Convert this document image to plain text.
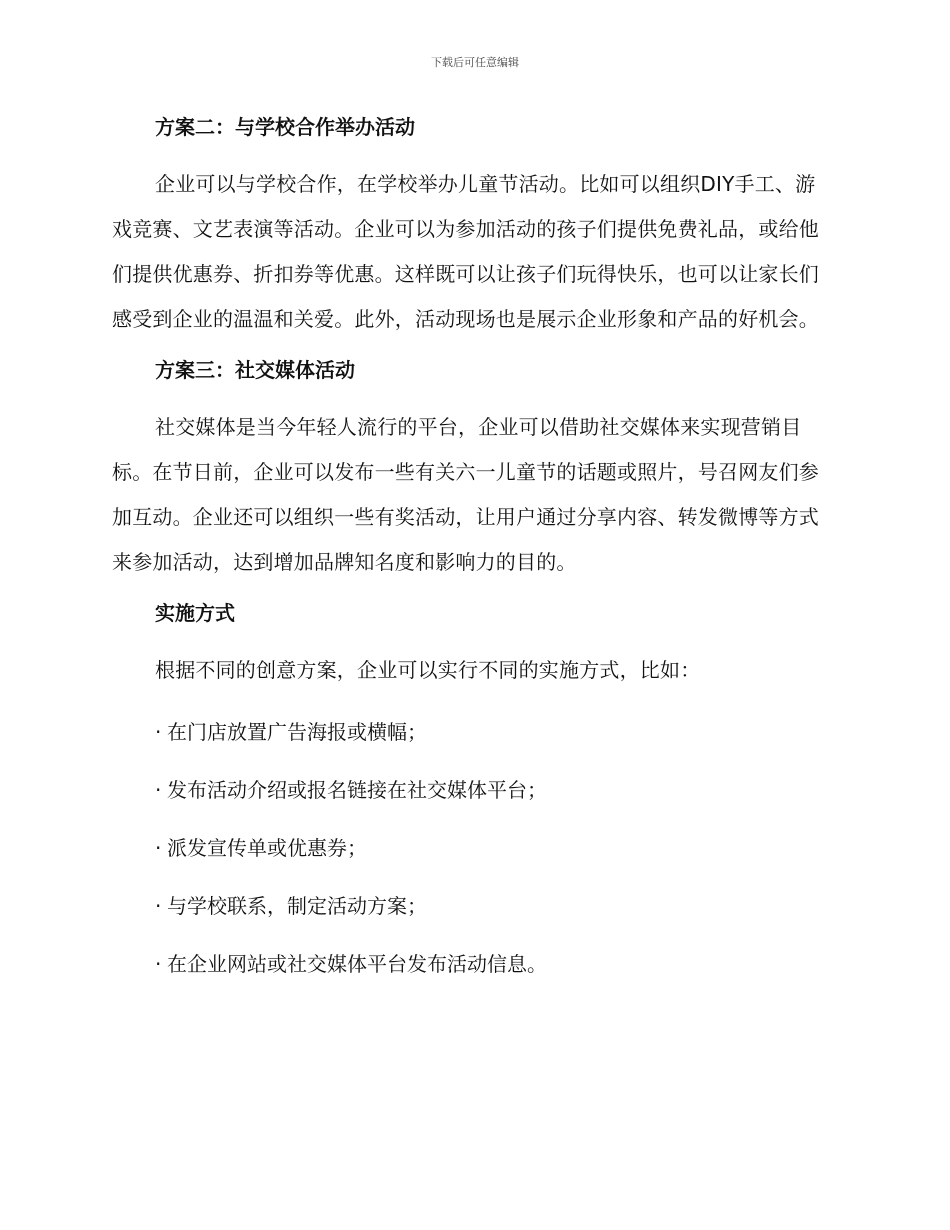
下载后可任意编辑
方案二：与学校合作举办活动

企业可以与学校合作，在学校举办儿童节活动。比如可以组织DIY手工、游戏竞赛、文艺表演等活动。企业可以为参加活动的孩子们提供免费礼品，或给他们提供优惠券、折扣券等优惠。这样既可以让孩子们玩得快乐，也可以让家长们感受到企业的温温和关爱。此外，活动现场也是展示企业形象和产品的好机会。

方案三：社交媒体活动

社交媒体是当今年轻人流行的平台，企业可以借助社交媒体来实现营销目标。在节日前，企业可以发布一些有关六一儿童节的话题或照片，号召网友们参加互动。企业还可以组织一些有奖活动，让用户通过分享内容、转发微博等方式来参加活动，达到增加品牌知名度和影响力的目的。

实施方式

根据不同的创意方案，企业可以实行不同的实施方式，比如：

· 在门店放置广告海报或横幅；
· 发布活动介绍或报名链接在社交媒体平台；
· 派发宣传单或优惠券；
· 与学校联系，制定活动方案；
· 在企业网站或社交媒体平台发布活动信息。
